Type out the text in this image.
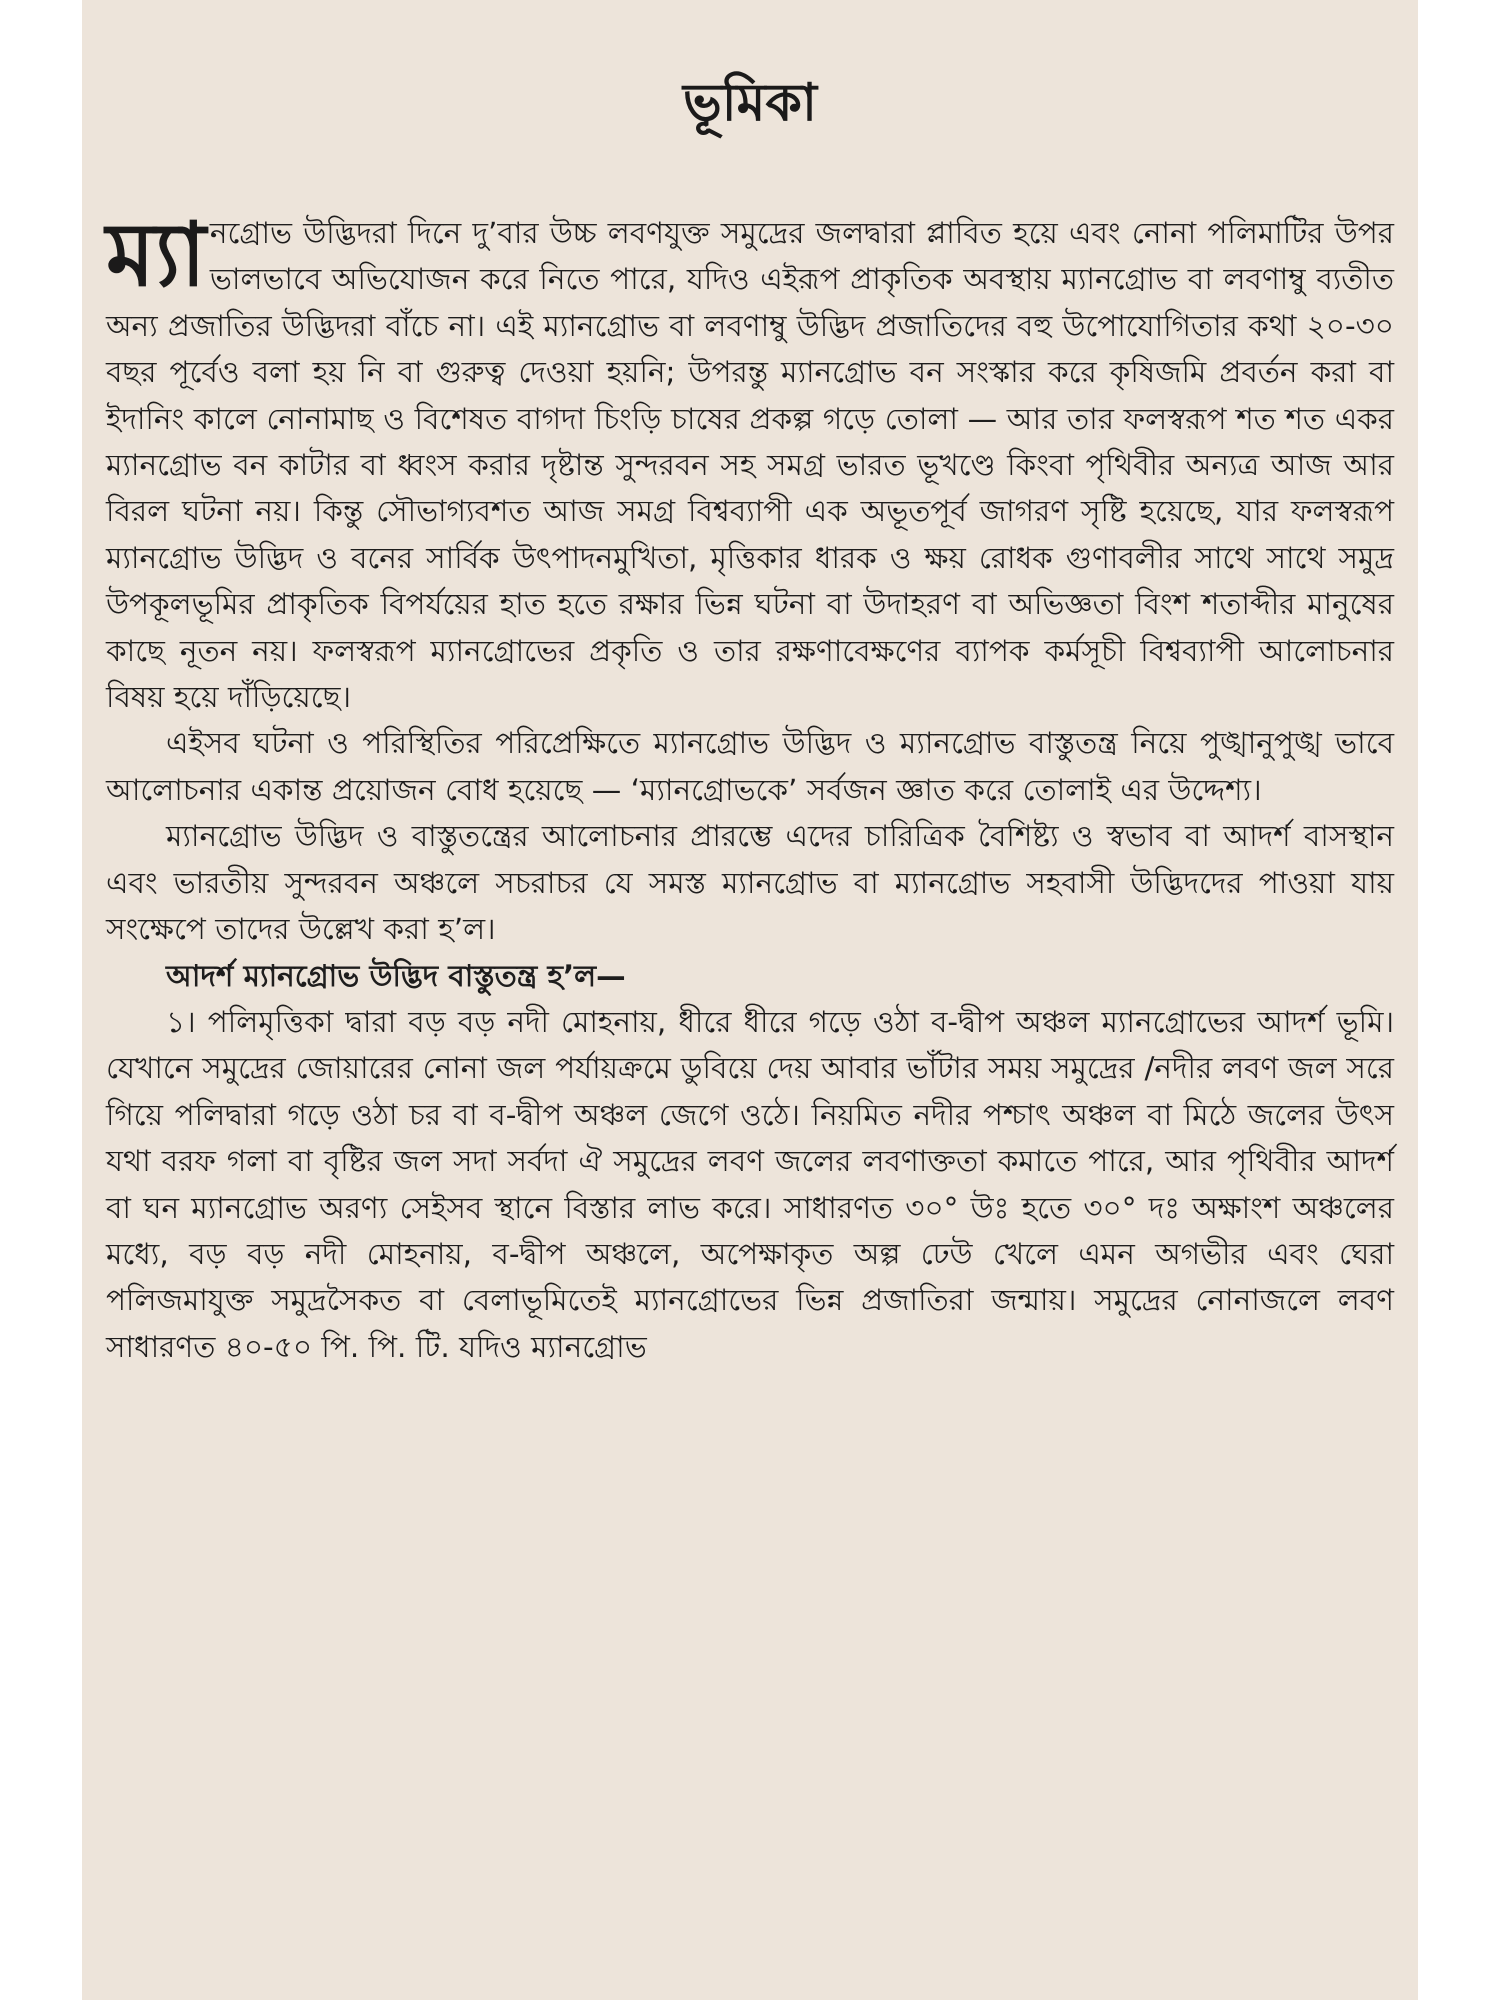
ভূমিকা

ম্যা নগ্রোভ উদ্ভিদরা দিনে দু’বার উচ্চ লবণযুক্ত সমুদ্রের জলদ্বারা প্লাবিত হয়ে এবং নোনা পলিমাটির উপর ভালভাবে অভিযোজন করে নিতে পারে, যদিও এইরূপ প্রাকৃতিক অবস্থায় ম্যানগ্রোভ বা লবণাম্বু ব্যতীত অন্য প্রজাতির উদ্ভিদরা বাঁচে না। এই ম্যানগ্রোভ বা লবণাম্বু উদ্ভিদ প্রজাতিদের বহু উপোযোগিতার কথা ২০-৩০ বছর পূর্বেও বলা হয় নি বা গুরুত্ব দেওয়া হয়নি; উপরন্তু ম্যানগ্রোভ বন সংস্কার করে কৃষিজমি প্রবর্তন করা বা ইদানিং কালে নোনামাছ ও বিশেষত বাগদা চিংড়ি চাষের প্রকল্প গড়ে তোলা — আর তার ফলস্বরূপ শত শত একর ম্যানগ্রোভ বন কাটার বা ধ্বংস করার দৃষ্টান্ত সুন্দরবন সহ সমগ্র ভারত ভূখণ্ডে কিংবা পৃথিবীর অন্যত্র আজ আর বিরল ঘটনা নয়। কিন্তু সৌভাগ্যবশত আজ সমগ্র বিশ্বব্যাপী এক অভূতপূর্ব জাগরণ সৃষ্টি হয়েছে, যার ফলস্বরূপ ম্যানগ্রোভ উদ্ভিদ ও বনের সার্বিক উৎপাদনমুখিতা, মৃত্তিকার ধারক ও ক্ষয় রোধক গুণাবলীর সাথে সাথে সমুদ্র উপকূলভূমির প্রাকৃতিক বিপর্যয়ের হাত হতে রক্ষার ভিন্ন ঘটনা বা উদাহরণ বা অভিজ্ঞতা বিংশ শতাব্দীর মানুষের কাছে নূতন নয়। ফলস্বরূপ ম্যানগ্রোভের প্রকৃতি ও তার রক্ষণাবেক্ষণের ব্যাপক কর্মসূচী বিশ্বব্যাপী আলোচনার বিষয় হয়ে দাঁড়িয়েছে।

এইসব ঘটনা ও পরিস্থিতির পরিপ্রেক্ষিতে ম্যানগ্রোভ উদ্ভিদ ও ম্যানগ্রোভ বাস্তুতন্ত্র নিয়ে পুঙ্খানুপুঙ্খ ভাবে আলোচনার একান্ত প্রয়োজন বোধ হয়েছে — ‘ম্যানগ্রোভকে’ সর্বজন জ্ঞাত করে তোলাই এর উদ্দেশ্য।

ম্যানগ্রোভ উদ্ভিদ ও বাস্তুতন্ত্রের আলোচনার প্রারম্ভে এদের চারিত্রিক বৈশিষ্ট্য ও স্বভাব বা আদর্শ বাসস্থান এবং ভারতীয় সুন্দরবন অঞ্চলে সচরাচর যে সমস্ত ম্যানগ্রোভ বা ম্যানগ্রোভ সহবাসী উদ্ভিদদের পাওয়া যায় সংক্ষেপে তাদের উল্লেখ করা হ’ল।

আদর্শ ম্যানগ্রোভ উদ্ভিদ বাস্তুতন্ত্র হ’ল—

১। পলিমৃত্তিকা দ্বারা বড় বড় নদী মোহনায়, ধীরে ধীরে গড়ে ওঠা ব-দ্বীপ অঞ্চল ম্যানগ্রোভের আদর্শ ভূমি। যেখানে সমুদ্রের জোয়ারের নোনা জল পর্যায়ক্রমে ডুবিয়ে দেয় আবার ভাঁটার সময় সমুদ্রের /নদীর লবণ জল সরে গিয়ে পলিদ্বারা গড়ে ওঠা চর বা ব-দ্বীপ অঞ্চল জেগে ওঠে। নিয়মিত নদীর পশ্চাৎ অঞ্চল বা মিঠে জলের উৎস যথা বরফ গলা বা বৃষ্টির জল সদা সর্বদা ঐ সমুদ্রের লবণ জলের লবণাক্ততা কমাতে পারে, আর পৃথিবীর আদর্শ বা ঘন ম্যানগ্রোভ অরণ্য সেইসব স্থানে বিস্তার লাভ করে। সাধারণত ৩০° উঃ হতে ৩০° দঃ অক্ষাংশ অঞ্চলের মধ্যে, বড় বড় নদী মোহনায়, ব-দ্বীপ অঞ্চলে, অপেক্ষাকৃত অল্প ঢেউ খেলে এমন অগভীর এবং ঘেরা পলিজমাযুক্ত সমুদ্রসৈকত বা বেলাভূমিতেই ম্যানগ্রোভের ভিন্ন প্রজাতিরা জন্মায়। সমুদ্রের নোনাজলে লবণ সাধারণত ৪০-৫০ পি. পি. টি. যদিও ম্যানগ্রোভ
